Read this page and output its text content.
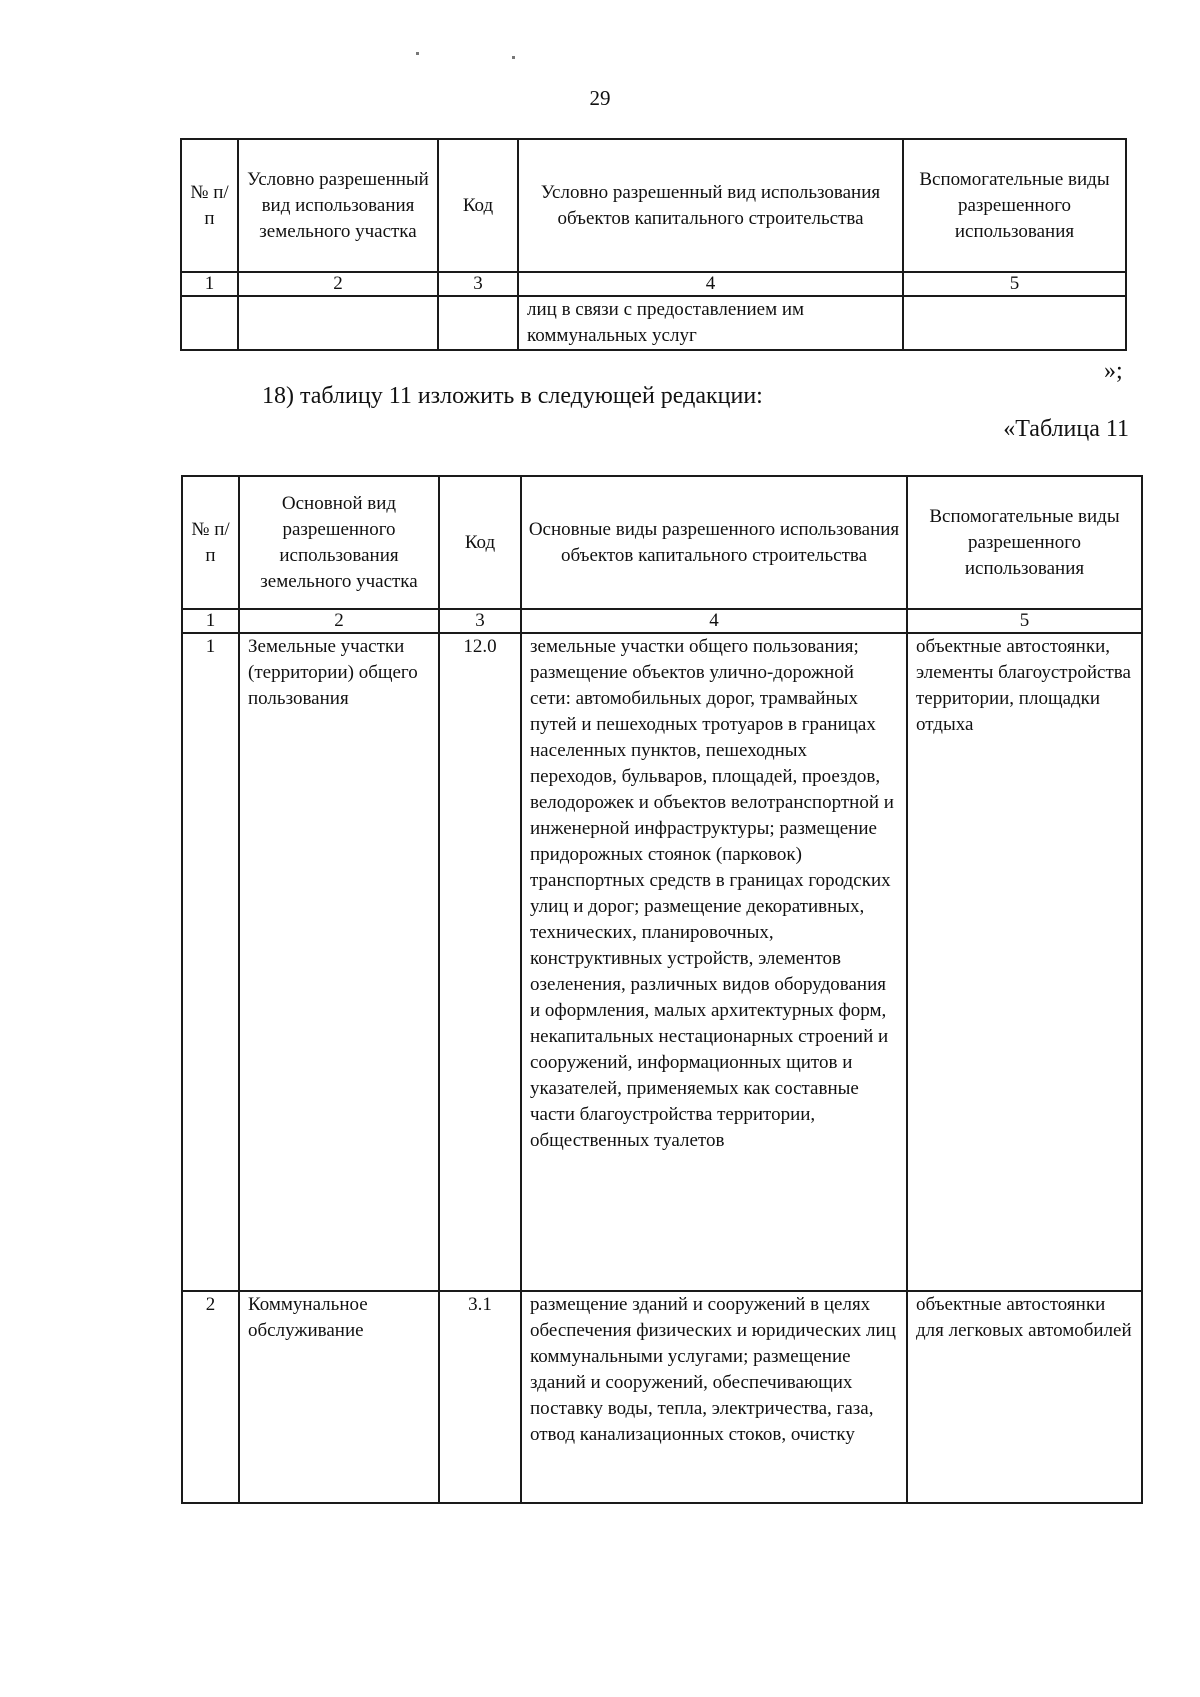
29
№ п/п	Условно разрешенный вид использования земельного участка	Код	Условно разрешенный вид использования объектов капитального строительства	Вспомогательные виды разрешенного использования
1	2	3	4	5
			лиц в связи с предоставлением им коммунальных услуг	
»;
18) таблицу 11 изложить в следующей редакции:
«Таблица 11
№ п/п	Основной вид разрешенного использования земельного участка	Код	Основные виды разрешенного использования объектов капитального строительства	Вспомогательные виды разрешенного использования
1	2	3	4	5
1	Земельные участки (территории) общего пользования	12.0	земельные участки общего пользования; размещение объектов улично-дорожной сети: автомобильных дорог, трамвайных путей и пешеходных тротуаров в границах населенных пунктов, пешеходных переходов, бульваров, площадей, проездов, велодорожек и объектов велотранспортной и инженерной инфраструктуры; размещение придорожных стоянок (парковок) транспортных средств в границах городских улиц и дорог; размещение декоративных, технических, планировочных, конструктивных устройств, элементов озеленения, различных видов оборудования и оформления, малых архитектурных форм, некапитальных нестационарных строений и сооружений, информационных щитов и указателей, применяемых как составные части благоустройства территории, общественных туалетов	объектные автостоянки, элементы благоустройства территории, площадки отдыха
2	Коммунальное обслуживание	3.1	размещение зданий и сооружений в целях обеспечения физических и юридических лиц коммунальными услугами; размещение зданий и сооружений, обеспечивающих поставку воды, тепла, электричества, газа, отвод канализационных стоков, очистку	объектные автостоянки для легковых автомобилей
